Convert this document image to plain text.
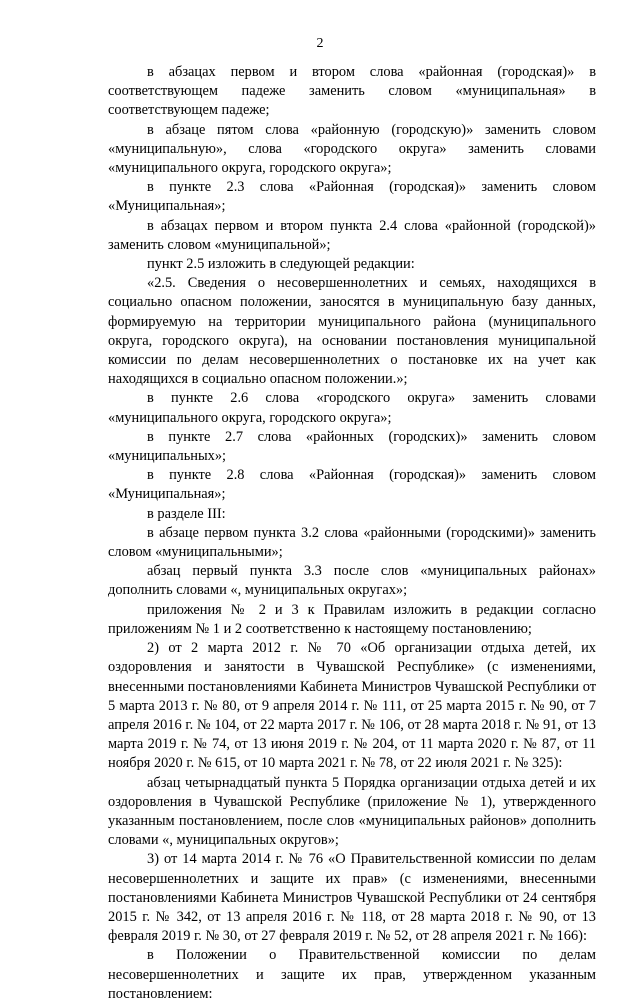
2

в абзацах первом и втором слова «районная (городская)» в соответствующем падеже заменить словом «муниципальная» в соответствующем падеже;

в абзаце пятом слова «районную (городскую)» заменить словом «муниципальную», слова «городского округа» заменить словами «муниципального округа, городского округа»;

в пункте 2.3 слова «Районная (городская)» заменить словом «Муниципальная»;

в абзацах первом и втором пункта 2.4 слова «районной (городской)» заменить словом «муниципальной»;

пункт 2.5 изложить в следующей редакции:

«2.5. Сведения о несовершеннолетних и семьях, находящихся в социально опасном положении, заносятся в муниципальную базу данных, формируемую на территории муниципального района (муниципального округа, городского округа), на основании постановления муниципальной комиссии по делам несовершеннолетних о постановке их на учет как находящихся в социально опасном положении.»;

в пункте 2.6 слова «городского округа» заменить словами «муниципального округа, городского округа»;

в пункте 2.7 слова «районных (городских)» заменить словом «муниципальных»;

в пункте 2.8 слова «Районная (городская)» заменить словом «Муниципальная»;

в разделе III:

в абзаце первом пункта 3.2 слова «районными (городскими)» заменить словом «муниципальными»;

абзац первый пункта 3.3 после слов «муниципальных районах» дополнить словами «, муниципальных округах»;

приложения № 2 и 3 к Правилам изложить в редакции согласно приложениям № 1 и 2 соответственно к настоящему постановлению;

2) от 2 марта 2012 г. № 70 «Об организации отдыха детей, их оздоровления и занятости в Чувашской Республике» (с изменениями, внесенными постановлениями Кабинета Министров Чувашской Республики от 5 марта 2013 г. № 80, от 9 апреля 2014 г. № 111, от 25 марта 2015 г. № 90, от 7 апреля 2016 г. № 104, от 22 марта 2017 г. № 106, от 28 марта 2018 г. № 91, от 13 марта 2019 г. № 74, от 13 июня 2019 г. № 204, от 11 марта 2020 г. № 87, от 11 ноября 2020 г. № 615, от 10 марта 2021 г. № 78, от 22 июля 2021 г. № 325):

абзац четырнадцатый пункта 5 Порядка организации отдыха детей и их оздоровления в Чувашской Республике (приложение № 1), утвержденного указанным постановлением, после слов «муниципальных районов» дополнить словами «, муниципальных округов»;

3) от 14 марта 2014 г. № 76 «О Правительственной комиссии по делам несовершеннолетних и защите их прав» (с изменениями, внесенными постановлениями Кабинета Министров Чувашской Республики от 24 сентября 2015 г. № 342, от 13 апреля 2016 г. № 118, от 28 марта 2018 г. № 90, от 13 февраля 2019 г. № 30, от 27 февраля 2019 г. № 52, от 28 апреля 2021 г. № 166):

в Положении о Правительственной комиссии по делам несовершеннолетних и защите их прав, утвержденном указанным постановлением:
